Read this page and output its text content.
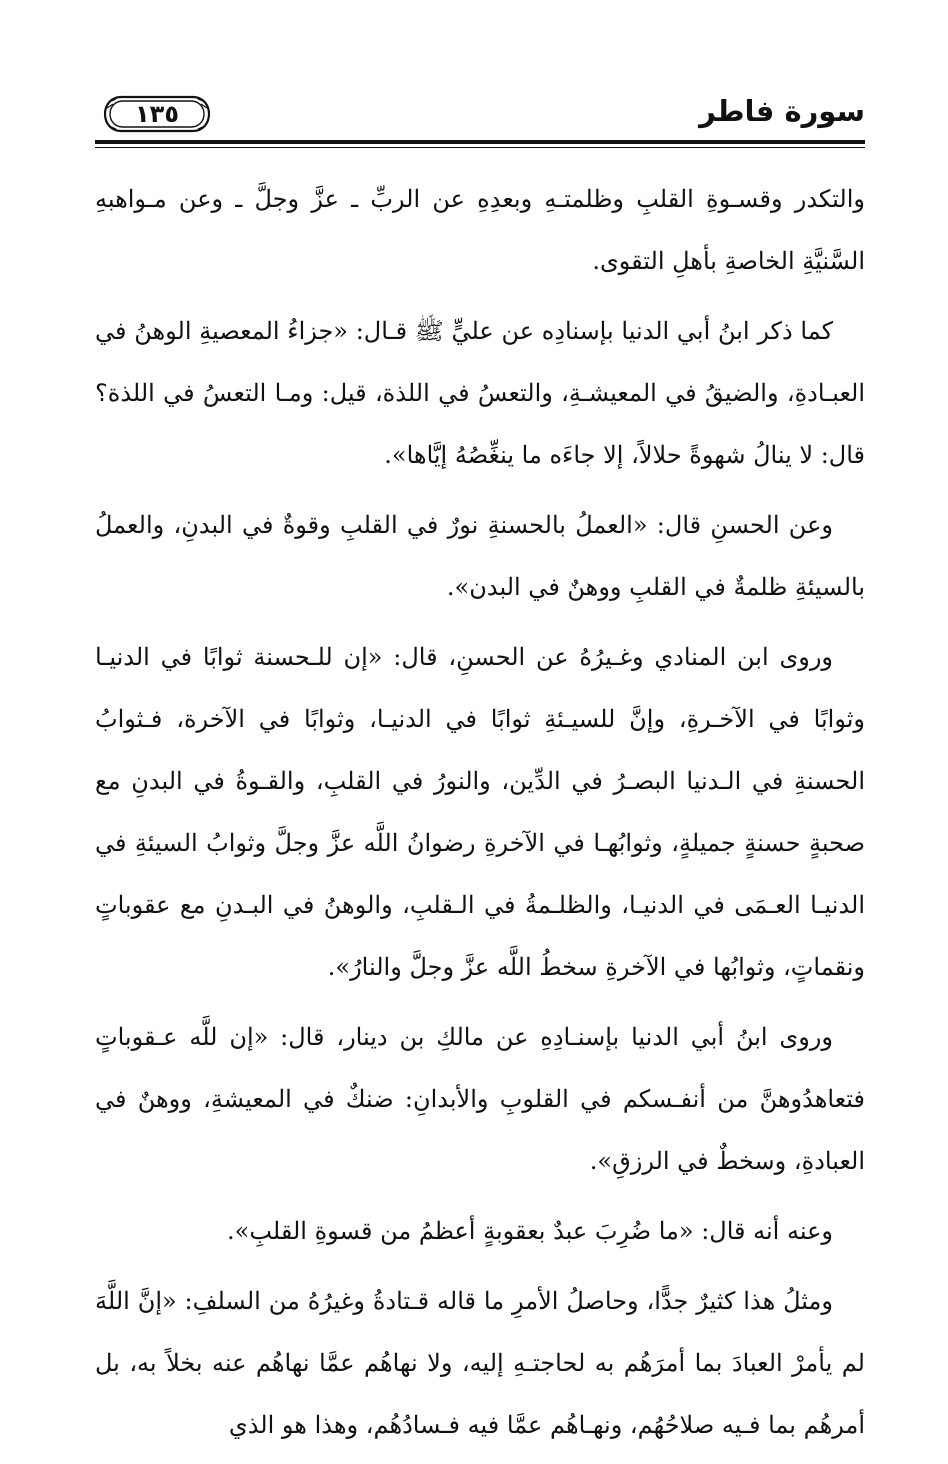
سورة فاطر
١٣٥

والتكدر وقسـوةِ القلبِ وظلمتـهِ وبعدِهِ عن الربِّ ـ عزَّ وجلَّ ـ وعن مـواهبهِ السَّنيَّةِ الخاصةِ بأهلِ التقوى.

كما ذكر ابنُ أبي الدنيا بإسنادِه عن عليٍّ ﷺ قـال: «جزاءُ المعصيةِ الوهنُ في العبـادةِ، والضيقُ في المعيشـةِ، والتعسُ في اللذة، قيل: ومـا التعسُ في اللذة؟ قال: لا ينالُ شهوةً حلالاً، إلا جاءَه ما ينغِّصُهُ إيَّاها».

وعن الحسنِ قال: «العملُ بالحسنةِ نورٌ في القلبِ وقوةٌ في البدنِ، والعملُ بالسيئةِ ظلمةٌ في القلبِ ووهنٌ في البدن».

وروى ابن المنادي وغـيرُهُ عن الحسنِ، قال: «إن للـحسنة ثوابًا في الدنيـا وثوابًا في الآخـرةِ، وإنَّ للسيـئةِ ثوابًا في الدنيـا، وثوابًا في الآخرة، فـثوابُ الحسنةِ في الـدنيا البصـرُ في الدِّين، والنورُ في القلبِ، والقـوةُ في البدنِ مع صحبةٍ حسنةٍ جميلةٍ، وثوابُهـا في الآخرةِ رضوانُ اللَّه عزَّ وجلَّ وثوابُ السيئةِ في الدنيـا العـمَى في الدنيـا، والظلـمةُ في الـقلبِ، والوهنُ في البـدنِ مع عقوباتٍ ونقماتٍ، وثوابُها في الآخرةِ سخطُ اللَّه عزَّ وجلَّ والنارُ».

وروى ابنُ أبي الدنيا بإسنـادِهِ عن مالكِ بن دينار، قال: «إن للَّه عـقوباتٍ فتعاهدُوهنَّ من أنفـسكم في القلوبِ والأبدانِ: ضنكٌ في المعيشةِ، ووهنٌ في العبادةِ، وسخطٌ في الرزقِ».

وعنه أنه قال: «ما ضُرِبَ عبدٌ بعقوبةٍ أعظمُ من قسوةِ القلبِ».

ومثلُ هذا كثيرٌ جدًّا، وحاصلُ الأمرِ ما قاله قـتادةُ وغيرُهُ من السلفِ: «إنَّ اللَّهَ لم يأمرْ العبادَ بما أمرَهُم به لحاجتـهِ إليه، ولا نهاهُم عمَّا نهاهُم عنه بخلاً به، بل أمرهُم بما فـيه صلاحُهُم، ونهـاهُم عمَّا فيه فـسادُهُم، وهذا هو الذي
